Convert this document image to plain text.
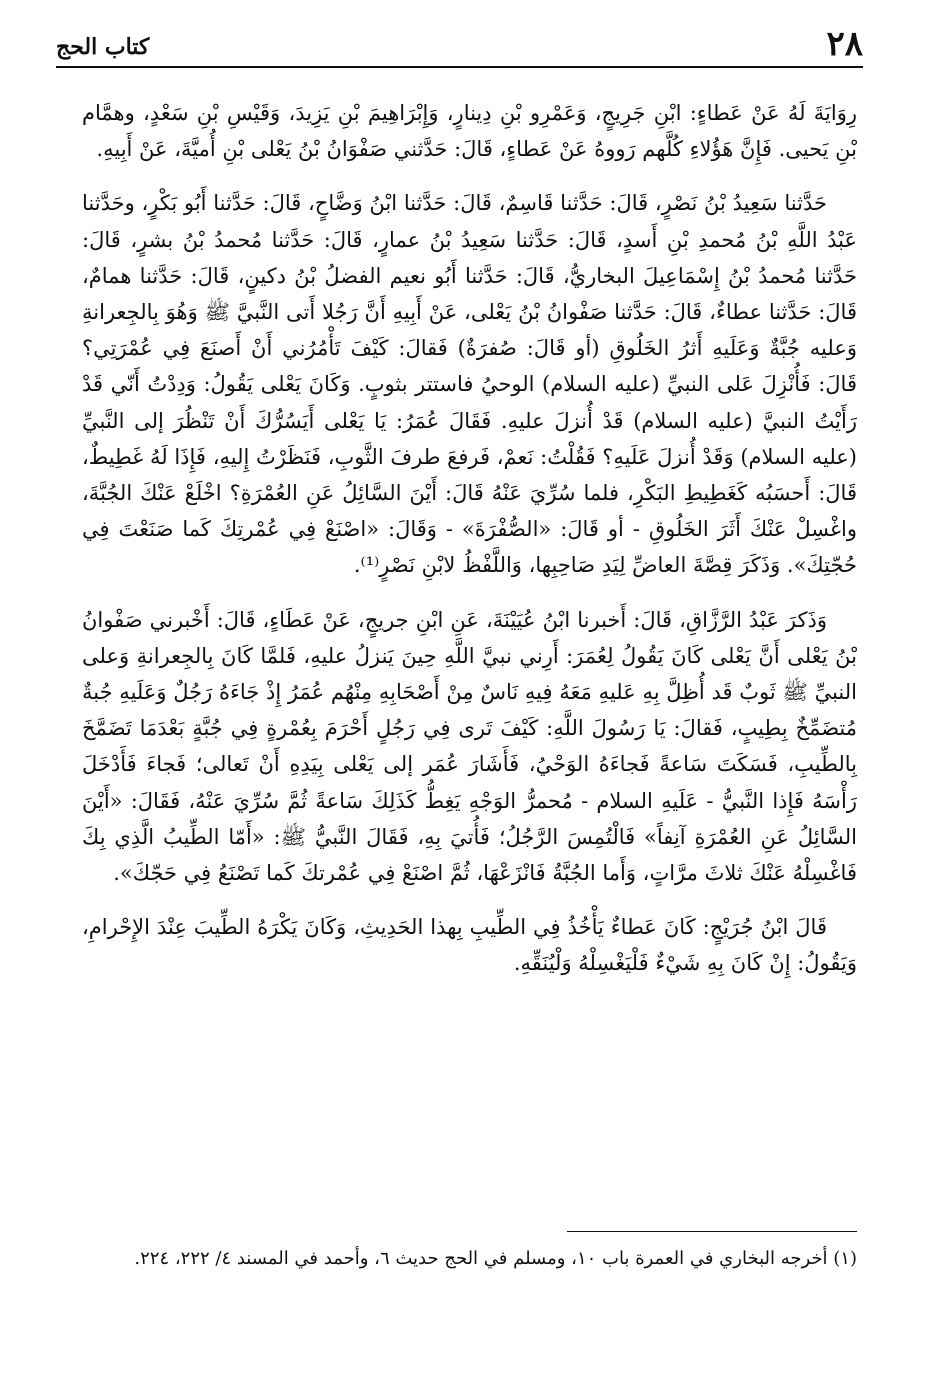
٢٨
كتاب الحج

رِوَايَةَ لَهُ عَنْ عَطاءٍ: ابْنِ جَرِيجٍ، وَعَمْرِو بْنِ دِينارٍ، وَإِبْرَاهِيمَ بْنِ يَزِيدَ، وَقَيْسِ بْنِ سَعْدٍ، وهمَّام بْنِ يَحيى. فَإِنَّ هَؤُلاءِ كُلَّهم رَووهُ عَنْ عَطاءٍ، قَالَ: حَدَّثني صَفْوَانُ بْنُ يَعْلى بْنِ أُميَّةَ، عَنْ أَبِيهِ.

حَدَّثنا سَعِيدُ بْنُ نَصْرٍ، قَالَ: حَدَّثنا قَاسِمٌ، قَالَ: حَدَّثنا ابْنُ وَضَّاحٍ، قَالَ: حَدَّثنا أَبُو بَكْرٍ، وحَدَّثنا عَبْدُ اللَّهِ بْنُ مُحمدِ بْنِ أَسدٍ، قَالَ: حَدَّثنا سَعِيدُ بْنُ عمارٍ، قَالَ: حَدَّثنا مُحمدُ بْنُ بشرٍ، قَالَ: حَدَّثنا مُحمدُ بْنُ إِسْمَاعِيلَ البخاريُّ، قَالَ: حَدَّثنا أَبُو نعيم الفضلُ بْنُ دكينٍ، قَالَ: حَدَّثنا همامٌ، قَالَ: حَدَّثنا عطاءٌ، قَالَ: حَدَّثنا صَفْوانُ بْنُ يَعْلى، عَنْ أَبِيهِ أَنَّ رَجُلا أَتى النَّبيَّ ﷺ وَهُوَ بِالجِعرانةِ وَعليه جُبَّةٌ وَعَلَيهِ أَثرُ الخَلُوقِ (أو قَالَ: صُفرَةٌ) فَقالَ: كَيْفَ تَأْمُرُني أَنْ أَصنَعَ فِي عُمْرَتِي؟ قَالَ: فَأُنْزِلَ عَلى النبيِّ (عليه السلام) الوحيُ فاستتر بثوبٍ. وَكَانَ يَعْلى يَقُولُ: وَدِدْتُ أَنّي قَدْ رَأَيْتُ النبيَّ (عليه السلام) قَدْ أُنزلَ عليهِ. فَقَالَ عُمَرُ: يَا يَعْلى أَيَسُرُّكَ أَنْ تَنْظُرَ إلى النَّبيِّ (عليه السلام) وَقَدْ أُنزلَ عَلَيهِ؟ فَقُلْتُ: نَعمْ، فَرفعَ طرفَ الثَّوبِ، فَنَظَرْتُ إِليهِ، فَإِذَا لَهُ غَطِيطٌ، قَالَ: أَحسَبُه كَغَطِيطِ البَكْرِ، فلما سُرِّيَ عَنْهُ قَالَ: أَيْنَ السَّائِلُ عَنِ العُمْرَةِ؟ اخْلَعْ عَنْكَ الجُبَّةَ، واغْسِلْ عَنْكَ أَثَرَ الخَلُوقِ - أو قَالَ: «الصُّفْرَةَ» - وَقَالَ: «اصْنَعْ فِي عُمْرتِكَ كَما صَنَعْتَ فِي حُجّتِكَ». وَذَكَرَ قِصَّةَ العاضِّ لِيَدِ صَاحِبِها، وَاللَّفْظُ لابْنِ نَصْرٍ⁽¹⁾.

وَذَكرَ عَبْدُ الرَّزَّاقِ، قَالَ: أَخبرنا ابْنُ عُيَيْنَةَ، عَنِ ابْنِ جريجٍ، عَنْ عَطَاءٍ، قَالَ: أَخْبرني صَفْوانُ بْنُ يَعْلى أَنَّ يَعْلى كَانَ يَقُولُ لِعُمَرَ: أَرِني نبيَّ اللَّهِ حِينَ يَنزلُ عليهِ، فَلمَّا كَانَ بِالجِعرانةِ وَعلى النبيِّ ﷺ ثَوبٌ قَد أُظِلَّ بِهِ عَليهِ مَعَهُ فِيهِ نَاسٌ مِنْ أَصْحَابِهِ مِنْهُم عُمَرُ إِذْ جَاءَهُ رَجُلٌ وَعَلَيهِ جُبةٌ مُتضَمِّخٌ بِطِيبٍ، فَقالَ: يَا رَسُولَ اللَّهِ: كَيْفَ تَرى فِي رَجُلٍ أَحْرَمَ بِعُمْرةٍ فِي جُبَّةٍ بَعْدَمَا تَضَمَّخَ بِالطِّيبِ، فَسَكَتَ سَاعةً فَجاءَهُ الوَحْيُ، فَأَشَارَ عُمَر إلى يَعْلى بِيَدِهِ أَنْ تَعالى؛ فَجاءَ فَأَدْخَلَ رَأْسَهُ فَإِذا النَّبيُّ - عَلَيهِ السلام - مُحمرُّ الوَجْهِ يَغِطُّ كَذَلِكَ سَاعةً ثُمَّ سُرِّيَ عَنْهُ، فَقَالَ: «أَيْنَ السَّائِلُ عَنِ العُمْرَةِ آنِفاً» فَالْتُمِسَ الرَّجُلُ؛ فَأُتيَ بِهِ، فَقَالَ النَّبيُّ ﷺ: «أَمّا الطِّيبُ الَّذِي بِكَ فَاغْسِلْهُ عَنْكَ ثلاثَ مرَّاتٍ، وَأَما الجُبَّةُ فَانْزَعْهَا، ثُمَّ اصْنَعْ فِي عُمْرتكَ كَما تَصْنَعُ فِي حَجّكَ».

قَالَ ابْنُ جُرَيْجٍ: كَانَ عَطاءٌ يَأْخُذُ فِي الطِّيبِ بِهذا الحَدِيثِ، وَكَانَ يَكْرَهُ الطِّيبَ عِنْدَ الإِحْرامِ، وَيَقُولُ: إِنْ كَانَ بِهِ شَيْءٌ فَلْيَغْسِلْهُ وَلْيُنَقِّهِ.

(١) أخرجه البخاري في العمرة باب ١٠، ومسلم في الحج حديث ٦، وأحمد في المسند ٤/ ٢٢٢، ٢٢٤.
